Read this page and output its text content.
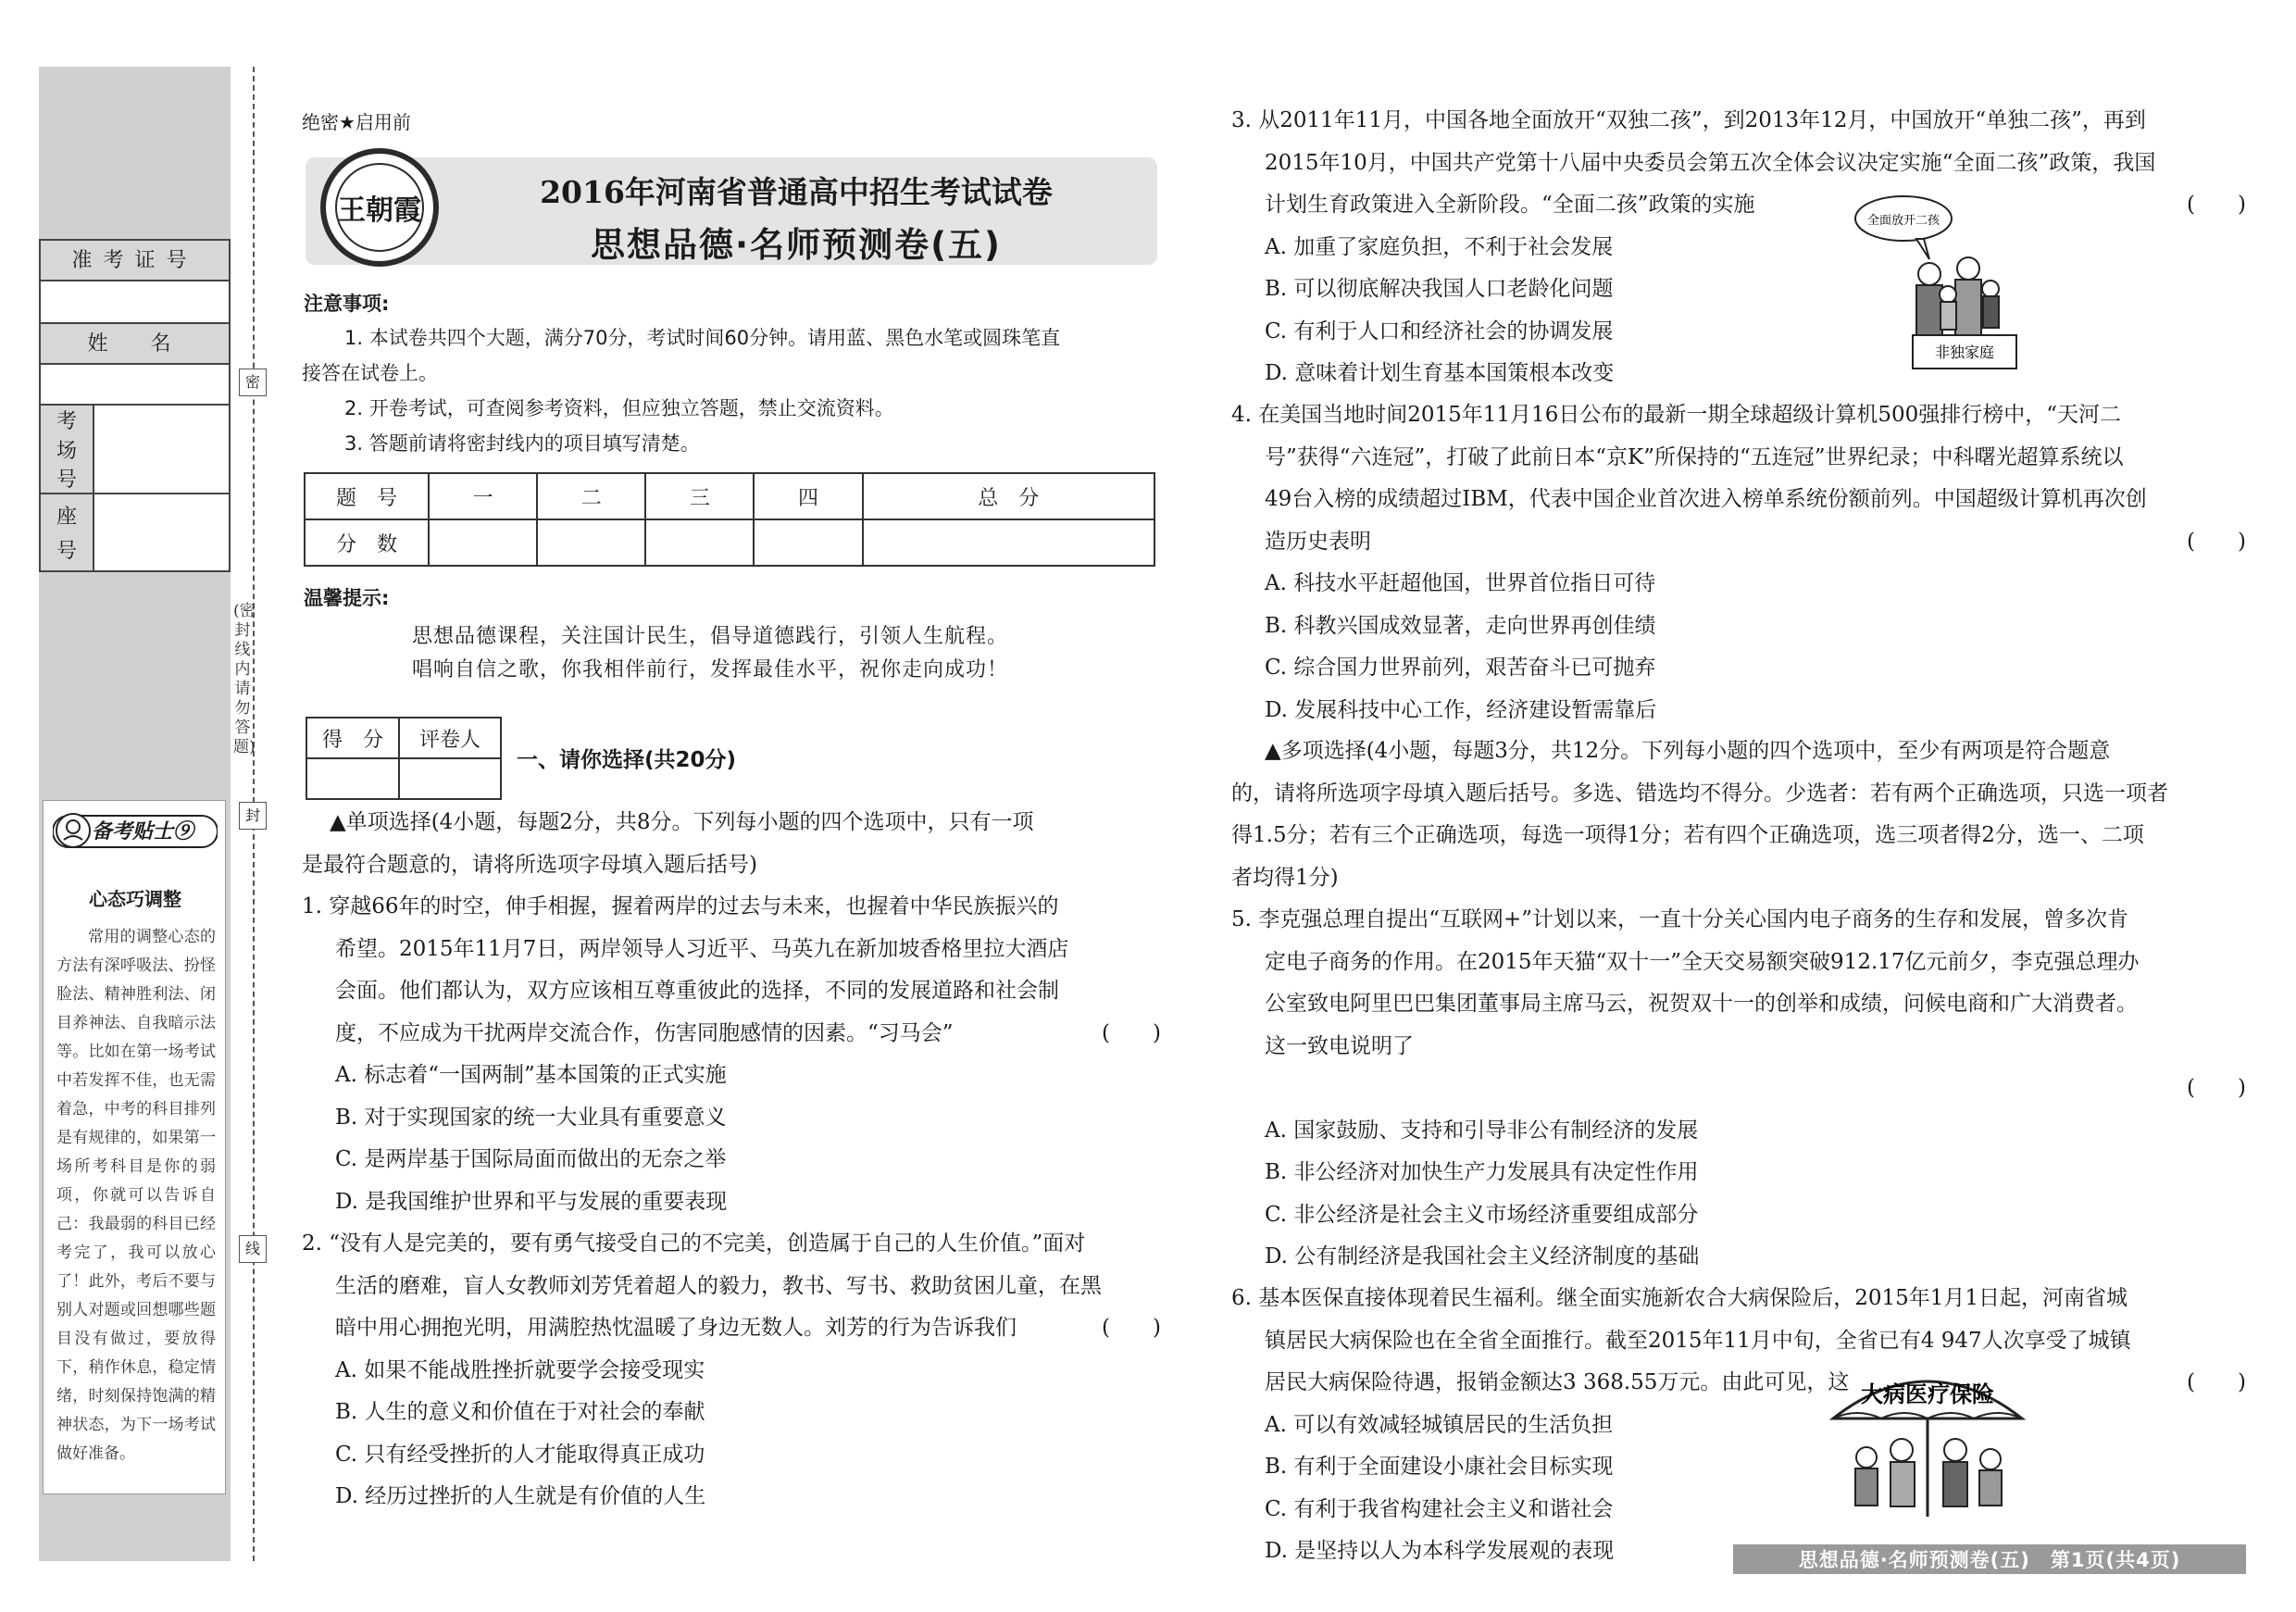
准考证号
姓　名
考
场
号
座
号
备考贴士⑨
心态巧调整
常用的调整心态的方法有深呼吸法、扮怪脸法、精神胜利法、闭目养神法、自我暗示法等。比如在第一场考试中若发挥不佳，也无需着急，中考的科目排列是有规律的，如果第一场所考科目是你的弱项，你就可以告诉自己：我最弱的科目已经考完了，我可以放心了！此外，考后不要与别人对题或回想哪些题目没有做过，要放得下，稍作休息，稳定情绪，时刻保持饱满的精神状态，为下一场考试做好准备。
密
封
线
(密封线内请勿答题)
绝密★启用前
王朝霞
2016年河南省普通高中招生考试试卷
思想品德·名师预测卷(五)
注意事项:
1. 本试卷共四个大题，满分70分，考试时间60分钟。请用蓝、黑色水笔或圆珠笔直
接答在试卷上。
2. 开卷考试，可查阅参考资料，但应独立答题，禁止交流资料。
3. 答题前请将密封线内的项目填写清楚。
题　号	一	二	三	四	总　分
分　数					
温馨提示:
思想品德课程，关注国计民生，倡导道德践行，引领人生航程。
唱响自信之歌，你我相伴前行，发挥最佳水平，祝你走向成功！
得　分	评卷人

一、请你选择(共20分)
▲单项选择(4小题，每题2分，共8分。下列每小题的四个选项中，只有一项
是最符合题意的，请将所选项字母填入题后括号)
1. 穿越66年的时空，伸手相握，握着两岸的过去与未来，也握着中华民族振兴的
希望。2015年11月7日，两岸领导人习近平、马英九在新加坡香格里拉大酒店
会面。他们都认为，双方应该相互尊重彼此的选择，不同的发展道路和社会制
度，不应成为干扰两岸交流合作，伤害同胞感情的因素。“习马会”	(　　)
A. 标志着“一国两制”基本国策的正式实施
B. 对于实现国家的统一大业具有重要意义
C. 是两岸基于国际局面而做出的无奈之举
D. 是我国维护世界和平与发展的重要表现
2. “没有人是完美的，要有勇气接受自己的不完美，创造属于自己的人生价值。”面对
生活的磨难，盲人女教师刘芳凭着超人的毅力，教书、写书、救助贫困儿童，在黑
暗中用心拥抱光明，用满腔热忱温暖了身边无数人。刘芳的行为告诉我们	(　　)
A. 如果不能战胜挫折就要学会接受现实
B. 人生的意义和价值在于对社会的奉献
C. 只有经受挫折的人才能取得真正成功
D. 经历过挫折的人生就是有价值的人生
3. 从2011年11月，中国各地全面放开“双独二孩”，到2013年12月，中国放开“单独二孩”，再到
2015年10月，中国共产党第十八届中央委员会第五次全体会议决定实施“全面二孩”政策，我国
计划生育政策进入全新阶段。“全面二孩”政策的实施	(　　)
A. 加重了家庭负担，不利于社会发展
B. 可以彻底解决我国人口老龄化问题
C. 有利于人口和经济社会的协调发展
D. 意味着计划生育基本国策根本改变
全面放开二孩
非独家庭
4. 在美国当地时间2015年11月16日公布的最新一期全球超级计算机500强排行榜中，“天河二
号”获得“六连冠”，打破了此前日本“京K”所保持的“五连冠”世界纪录；中科曙光超算系统以
49台入榜的成绩超过IBM，代表中国企业首次进入榜单系统份额前列。中国超级计算机再次创
造历史表明	(　　)
A. 科技水平赶超他国，世界首位指日可待
B. 科教兴国成效显著，走向世界再创佳绩
C. 综合国力世界前列，艰苦奋斗已可抛弃
D. 发展科技中心工作，经济建设暂需靠后
▲多项选择(4小题，每题3分，共12分。下列每小题的四个选项中，至少有两项是符合题意
的，请将所选项字母填入题后括号。多选、错选均不得分。少选者：若有两个正确选项，只选一项者
得1.5分；若有三个正确选项，每选一项得1分；若有四个正确选项，选三项者得2分，选一、二项
者均得1分)
5. 李克强总理自提出“互联网+”计划以来，一直十分关心国内电子商务的生存和发展，曾多次肯
定电子商务的作用。在2015年天猫“双十一”全天交易额突破912.17亿元前夕，李克强总理办
公室致电阿里巴巴集团董事局主席马云，祝贺双十一的创举和成绩，问候电商和广大消费者。
这一致电说明了
(　　)
A. 国家鼓励、支持和引导非公有制经济的发展
B. 非公经济对加快生产力发展具有决定性作用
C. 非公经济是社会主义市场经济重要组成部分
D. 公有制经济是我国社会主义经济制度的基础
6. 基本医保直接体现着民生福利。继全面实施新农合大病保险后，2015年1月1日起，河南省城
镇居民大病保险也在全省全面推行。截至2015年11月中旬，全省已有4 947人次享受了城镇
居民大病保险待遇，报销金额达3 368.55万元。由此可见，这	(　　)
A. 可以有效减轻城镇居民的生活负担
B. 有利于全面建设小康社会目标实现
C. 有利于我省构建社会主义和谐社会
D. 是坚持以人为本科学发展观的表现
大病医疗保险
思想品德·名师预测卷(五)　第1页(共4页)
